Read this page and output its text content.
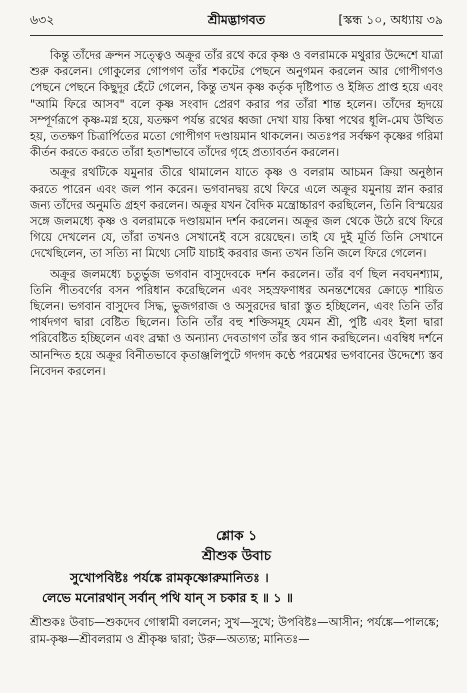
৬৩২	শ্রীমদ্ভাগবত	[স্কন্ধ ১০, অধ্যায় ৩৯

কিন্তু তাঁদের ক্রন্দন সত্ত্বেও অক্রূর তাঁর রথে করে কৃষ্ণ ও বলরামকে মথুরার উদ্দেশে যাত্রা শুরু করলেন। গোকুলের গোপগণ তাঁর শকটের পেছনে অনুগমন করলেন আর গোপীগণও পেছনে পেছনে কিছুদূর হেঁটে গেলেন, কিন্তু তখন কৃষ্ণ কর্তৃক দৃষ্টিপাত ও ইঙ্গিত প্রাপ্ত হয়ে এবং "আমি ফিরে আসব" বলে কৃষ্ণ সংবাদ প্রেরণ করার পর তাঁরা শান্ত হলেন। তাঁদের হৃদয়ে সম্পূর্ণরূপে কৃষ্ণ-মগ্ন হয়ে, যতক্ষণ পর্যন্ত রথের ধ্বজা দেখা যায় কিম্বা পথের ধূলি-মেঘ উত্থিত হয়, ততক্ষণ চিত্রার্পিতের মতো গোপীগণ দণ্ডায়মান থাকলেন। অতঃপর সর্বক্ষণ কৃষ্ণের গরিমা কীর্তন করতে করতে তাঁরা হতাশভাবে তাঁদের গৃহে প্রত্যাবর্তন করলেন।

অক্রূর রথটিকে যমুনার তীরে থামালেন যাতে কৃষ্ণ ও বলরাম আচমন ক্রিয়া অনুষ্ঠান করতে পারেন এবং জল পান করেন। ভগবানদ্বয় রথে ফিরে এলে অক্রূর যমুনায় স্নান করার জন্য তাঁদের অনুমতি গ্রহণ করলেন। অক্রূর যখন বৈদিক মন্ত্রোচ্চারণ করছিলেন, তিনি বিস্ময়ের সঙ্গে জলমধ্যে কৃষ্ণ ও বলরামকে দণ্ডায়মান দর্শন করলেন। অক্রূর জল থেকে উঠে রথে ফিরে গিয়ে দেখলেন যে, তাঁরা তখনও সেখানেই বসে রয়েছেন। তাই যে দুই মূর্তি তিনি সেখানে দেখেছিলেন, তা সত্যি না মিথ্যে সেটি যাচাই করবার জন্য তখন তিনি জলে ফিরে গেলেন।

অক্রূর জলমধ্যে চতুর্ভুজ ভগবান বাসুদেবকে দর্শন করলেন। তাঁর বর্ণ ছিল নবঘনশ্যাম, তিনি পীতবর্ণের বসন পরিধান করেছিলেন এবং সহস্রফণাধর অনন্তশেষের ক্রোড়ে শায়িত ছিলেন। ভগবান বাসুদেব সিদ্ধ, ভুজগরাজ ও অসুরদের দ্বারা স্তুত হচ্ছিলেন, এবং তিনি তাঁর পার্ষদগণ দ্বারা বেষ্টিত ছিলেন। তিনি তাঁর বহু শক্তিসমূহ যেমন শ্রী, পুষ্টি এবং ইলা দ্বারা পরিবেষ্টিত হচ্ছিলেন এবং ব্রহ্মা ও অন্যান্য দেবতাগণ তাঁর স্তব গান করছিলেন। এবম্বিধ দর্শনে আনন্দিত হয়ে অক্রূর বিনীতভাবে কৃতাঞ্জলিপুটে গদগদ কণ্ঠে পরমেশ্বর ভগবানের উদ্দেশ্যে স্তব নিবেদন করলেন।

শ্লোক ১
শ্রীশুক উবাচ
সুখোপবিষ্টঃ পর্যঙ্কে রামকৃষ্ণোরুমানিতঃ ।
লেভে মনোরথান্ সর্বান্ পথি যান্ স চকার হ ॥ ১ ॥
শ্রীশুকঃ উবাচ—শুকদেব গোস্বামী বললেন; সুখ—সুখে; উপবিষ্টঃ—আসীন; পর্যঙ্কে—পালঙ্কে; রাম-কৃষ্ণ—শ্রীবলরাম ও শ্রীকৃষ্ণ দ্বারা; উরু—অত্যন্ত; মানিতঃ—
